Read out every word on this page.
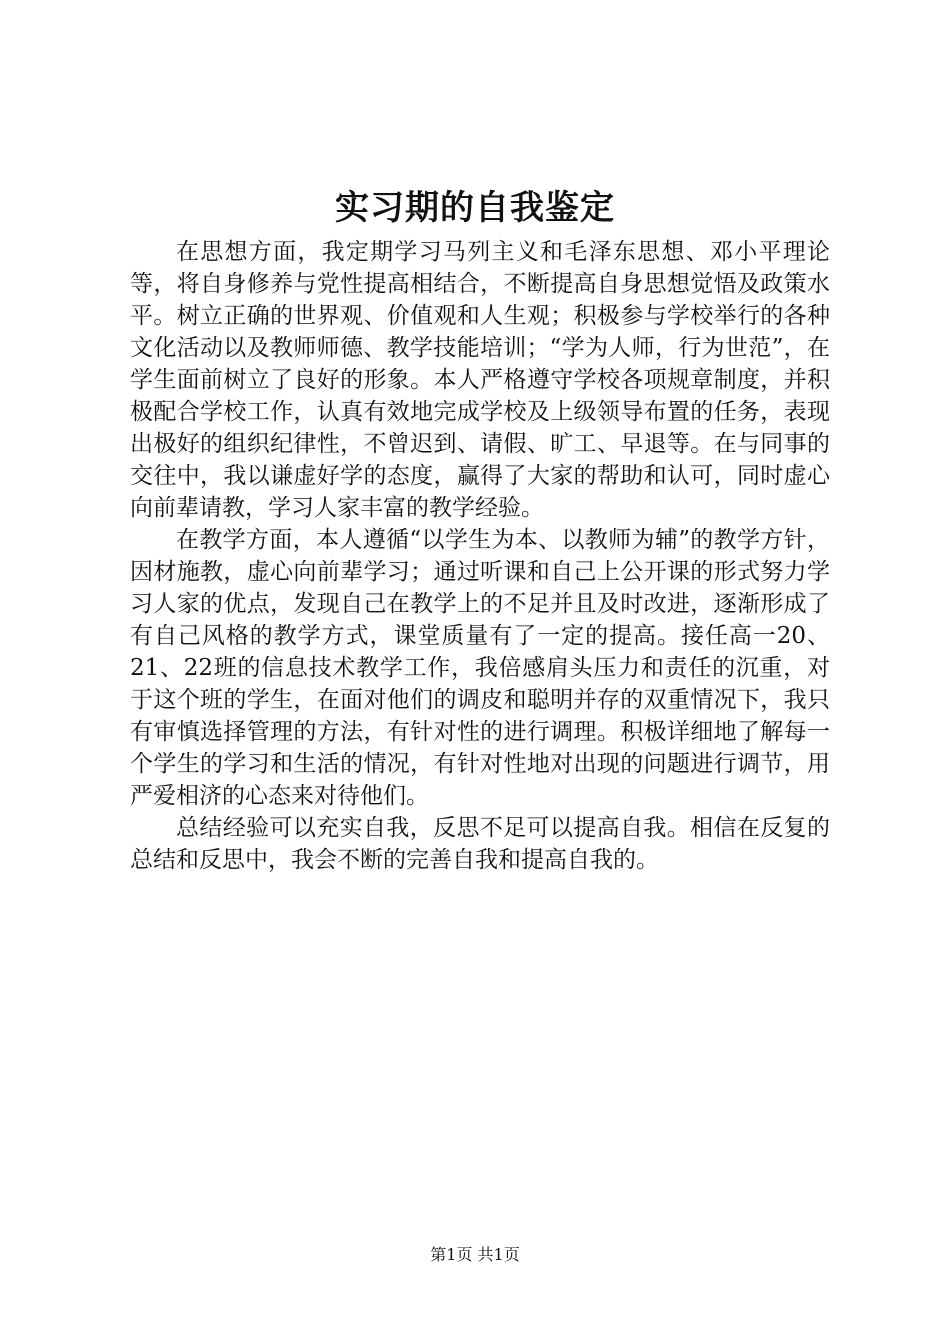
实习期的自我鉴定

在思想方面，我定期学习马列主义和毛泽东思想、邓小平理论等，将自身修养与党性提高相结合，不断提高自身思想觉悟及政策水平。树立正确的世界观、价值观和人生观；积极参与学校举行的各种文化活动以及教师师德、教学技能培训；“学为人师，行为世范”，在学生面前树立了良好的形象。本人严格遵守学校各项规章制度，并积极配合学校工作，认真有效地完成学校及上级领导布置的任务，表现出极好的组织纪律性，不曾迟到、请假、旷工、早退等。在与同事的交往中，我以谦虚好学的态度，赢得了大家的帮助和认可，同时虚心向前辈请教，学习人家丰富的教学经验。

在教学方面，本人遵循“以学生为本、以教师为辅”的教学方针，因材施教，虚心向前辈学习；通过听课和自己上公开课的形式努力学习人家的优点，发现自己在教学上的不足并且及时改进，逐渐形成了有自己风格的教学方式，课堂质量有了一定的提高。接任高一20、21、22班的信息技术教学工作，我倍感肩头压力和责任的沉重，对于这个班的学生，在面对他们的调皮和聪明并存的双重情况下，我只有审慎选择管理的方法，有针对性的进行调理。积极详细地了解每一个学生的学习和生活的情况，有针对性地对出现的问题进行调节，用严爱相济的心态来对待他们。

总结经验可以充实自我，反思不足可以提高自我。相信在反复的总结和反思中，我会不断的完善自我和提高自我的。

第1页 共1页
